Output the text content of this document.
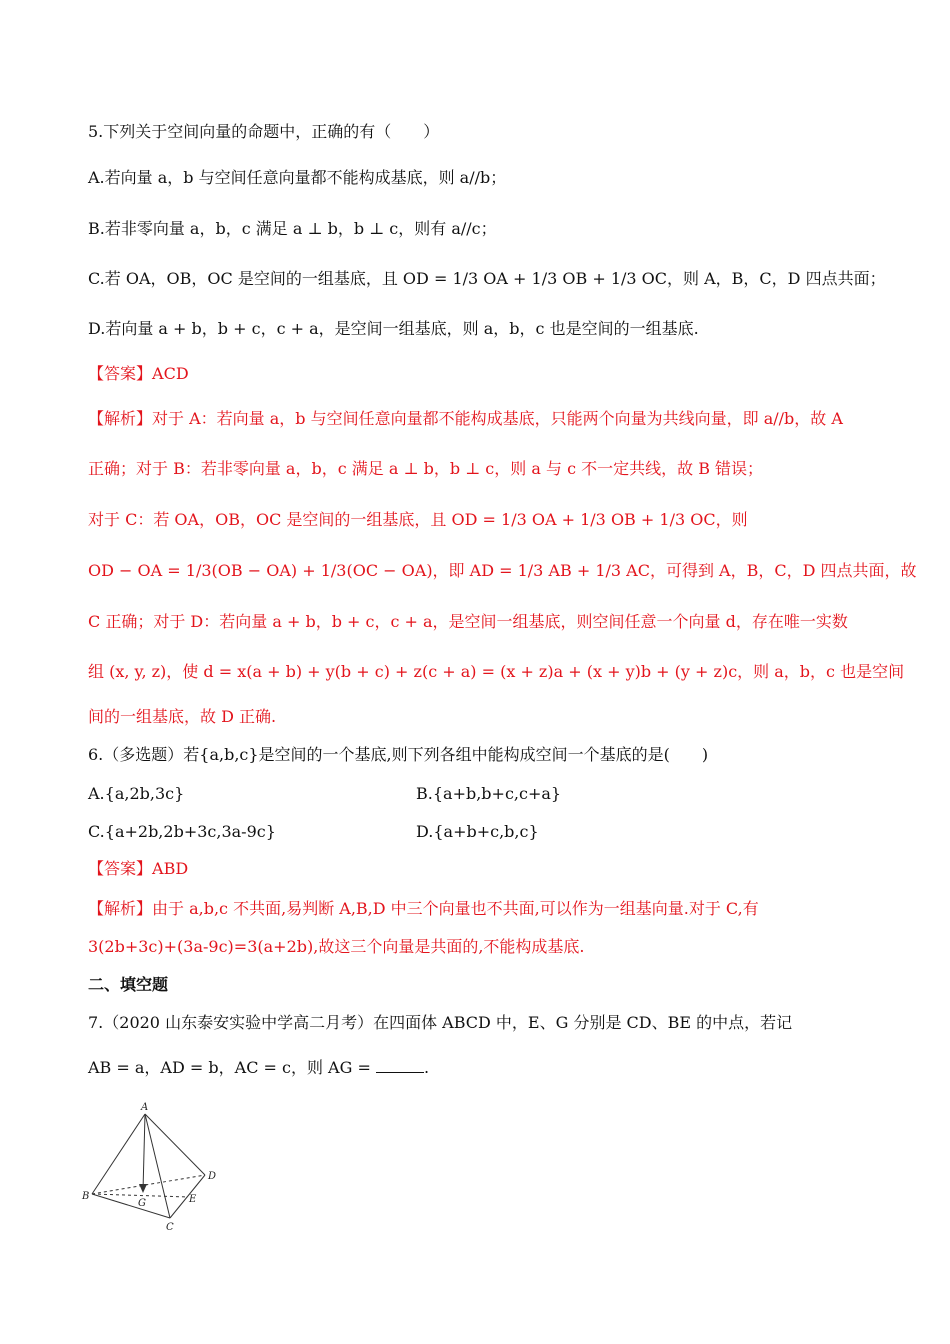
5.下列关于空间向量的命题中，正确的有（　　）
A.若向量 a，b 与空间任意向量都不能构成基底，则 a//b；
B.若非零向量 a，b，c 满足 a ⊥ b，b ⊥ c，则有 a//c；
C.若 OA，OB，OC 是空间的一组基底，且 OD = 1/3 OA + 1/3 OB + 1/3 OC，则 A，B，C，D 四点共面；
D.若向量 a + b，b + c，c + a，是空间一组基底，则 a，b，c 也是空间的一组基底.
【答案】ACD
【解析】对于 A：若向量 a，b 与空间任意向量都不能构成基底，只能两个向量为共线向量，即 a//b，故 A
正确；对于 B：若非零向量 a，b，c 满足 a ⊥ b，b ⊥ c，则 a 与 c 不一定共线，故 B 错误；
对于 C：若 OA，OB，OC 是空间的一组基底，且 OD = 1/3 OA + 1/3 OB + 1/3 OC，则
OD − OA = 1/3(OB − OA) + 1/3(OC − OA)，即 AD = 1/3 AB + 1/3 AC，可得到 A，B，C，D 四点共面，故
C 正确；对于 D：若向量 a + b，b + c，c + a，是空间一组基底，则空间任意一个向量 d，存在唯一实数
组 (x, y, z)，使 d = x(a + b) + y(b + c) + z(c + a) = (x + z)a + (x + y)b + (y + z)c，则 a，b，c 也是空间
间的一组基底，故 D 正确.
6.（多选题）若{a,b,c}是空间的一个基底,则下列各组中能构成空间一个基底的是(　　)
A.{a,2b,3c}	B.{a+b,b+c,c+a}
C.{a+2b,2b+3c,3a-9c}	D.{a+b+c,b,c}
【答案】ABD
【解析】由于 a,b,c 不共面,易判断 A,B,D 中三个向量也不共面,可以作为一组基向量.对于 C,有
3(2b+3c)+(3a-9c)=3(a+2b),故这三个向量是共面的,不能构成基底.
二、填空题
7.（2020 山东泰安实验中学高二月考）在四面体 ABCD 中，E、G 分别是 CD、BE 的中点，若记
AB = a，AD = b，AC = c，则 AG =	.
A
D
B
G	E
C
